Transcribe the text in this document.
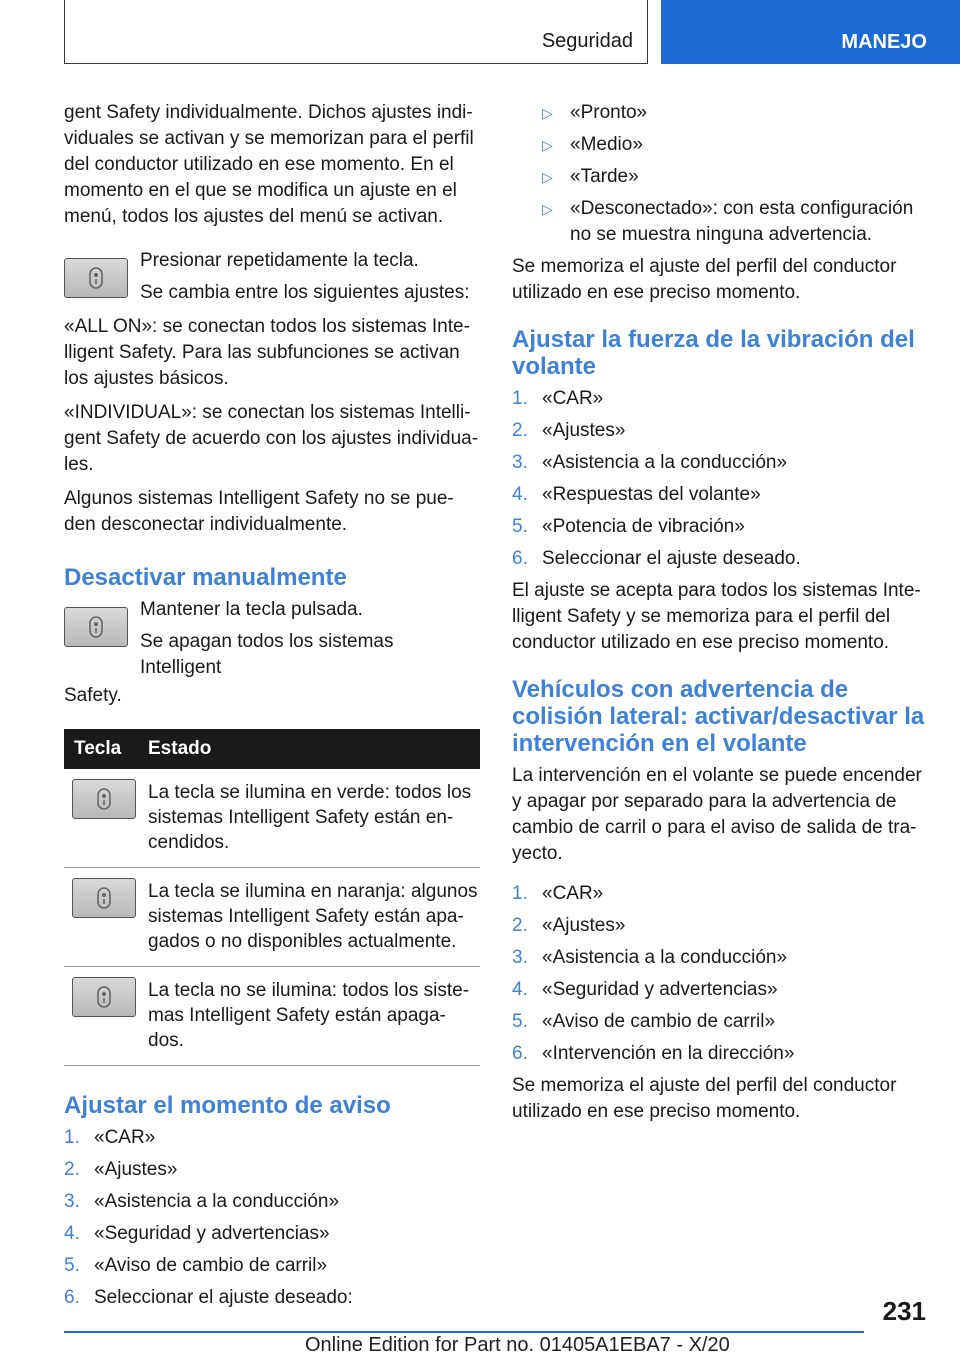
Seguridad	MANEJO

gent Safety individualmente. Dichos ajustes indi-viduales se activan y se memorizan para el perfil del conductor utilizado en ese momento. En el momento en el que se modifica un ajuste en el menú, todos los ajustes del menú se activan.

Presionar repetidamente la tecla.

Se cambia entre los siguientes ajustes:

«ALL ON»: se conectan todos los sistemas Inte-lligent Safety. Para las subfunciones se activan los ajustes básicos.

«INDIVIDUAL»: se conectan los sistemas Intelli-gent Safety de acuerdo con los ajustes individua-les.

Algunos sistemas Intelligent Safety no se pue-den desconectar individualmente.

Desactivar manualmente

Mantener la tecla pulsada.

Se apagan todos los sistemas Intelligent

Safety.

Tecla	Estado
La tecla se ilumina en verde: todos los sistemas Intelligent Safety están en-cendidos.
La tecla se ilumina en naranja: algunos sistemas Intelligent Safety están apa-gados o no disponibles actualmente.
La tecla no se ilumina: todos los siste-mas Intelligent Safety están apaga-dos.
Ajustar el momento de aviso
1. «CAR»
2. «Ajustes»
3. «Asistencia a la conducción»
4. «Seguridad y advertencias»
5. «Aviso de cambio de carril»
6. Seleccionar el ajuste deseado:
▷ «Pronto»
▷ «Medio»
▷ «Tarde»
▷ «Desconectado»: con esta configuración no se muestra ninguna advertencia.

Se memoriza el ajuste del perfil del conductor utilizado en ese preciso momento.

Ajustar la fuerza de la vibración del volante
1. «CAR»
2. «Ajustes»
3. «Asistencia a la conducción»
4. «Respuestas del volante»
5. «Potencia de vibración»
6. Seleccionar el ajuste deseado.

El ajuste se acepta para todos los sistemas Inte-lligent Safety y se memoriza para el perfil del conductor utilizado en ese preciso momento.

Vehículos con advertencia de colisión lateral: activar/desactivar la intervención en el volante

La intervención en el volante se puede encender y apagar por separado para la advertencia de cambio de carril o para el aviso de salida de tra-yecto.

1. «CAR»
2. «Ajustes»
3. «Asistencia a la conducción»
4. «Seguridad y advertencias»
5. «Aviso de cambio de carril»
6. «Intervención en la dirección»

Se memoriza el ajuste del perfil del conductor utilizado en ese preciso momento.

231
Online Edition for Part no. 01405A1EBA7 - X/20
